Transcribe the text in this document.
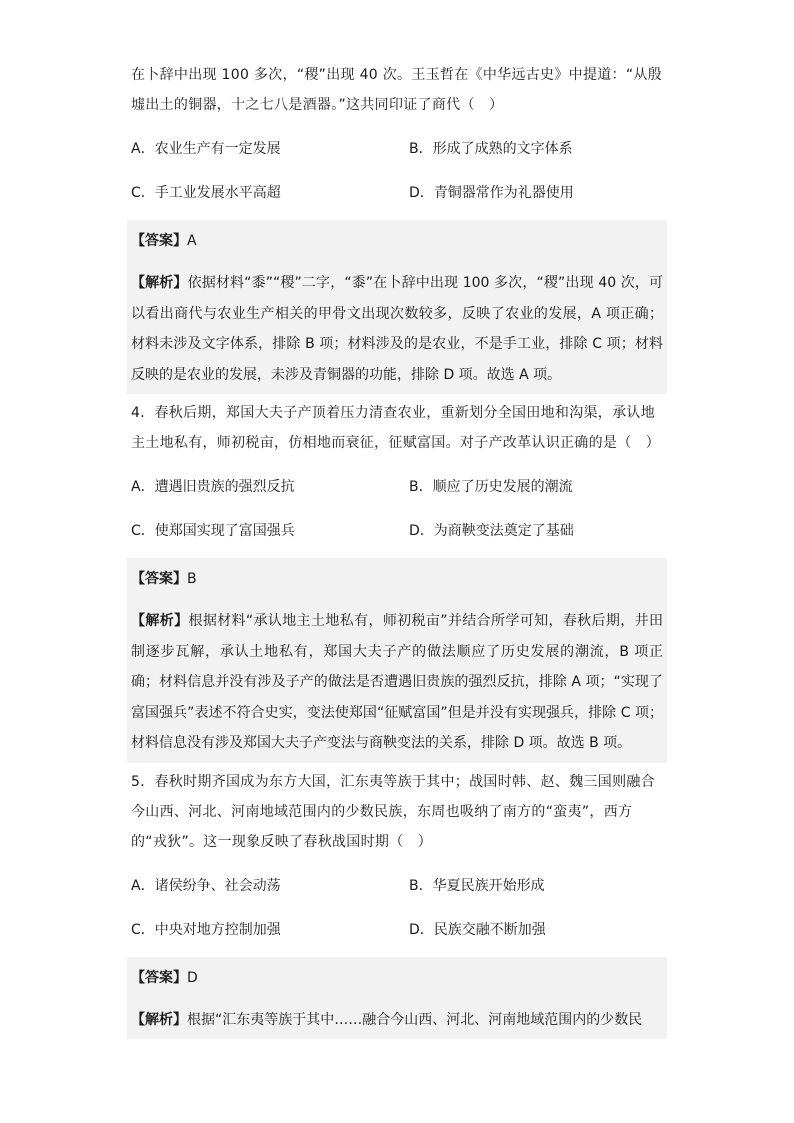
在卜辞中出现 100 多次，“稷”出现 40 次。王玉哲在《中华远古史》中提道：“从殷墟出土的铜器，十之七八是酒器。”这共同印证了商代（　）

A．农业生产有一定发展	B．形成了成熟的文字体系
C．手工业发展水平高超	D．青铜器常作为礼器使用
【答案】A
【解析】依据材料“黍”“稷”二字，“黍”在卜辞中出现 100 多次，“稷”出现 40 次，可以看出商代与农业生产相关的甲骨文出现次数较多，反映了农业的发展，A 项正确；材料未涉及文字体系，排除 B 项；材料涉及的是农业，不是手工业，排除 C 项；材料反映的是农业的发展，未涉及青铜器的功能，排除 D 项。故选 A 项。

4．春秋后期，郑国大夫子产顶着压力清查农业，重新划分全国田地和沟渠，承认地主土地私有，师初税亩，仿相地而衰征，征赋富国。对子产改革认识正确的是（　）

A．遭遇旧贵族的强烈反抗	B．顺应了历史发展的潮流
C．使郑国实现了富国强兵	D．为商鞅变法奠定了基础
【答案】B
【解析】根据材料“承认地主土地私有，师初税亩”并结合所学可知，春秋后期，井田制逐步瓦解，承认土地私有，郑国大夫子产的做法顺应了历史发展的潮流，B 项正确；材料信息并没有涉及子产的做法是否遭遇旧贵族的强烈反抗，排除 A 项；“实现了富国强兵”表述不符合史实，变法使郑国“征赋富国”但是并没有实现强兵，排除 C 项；材料信息没有涉及郑国大夫子产变法与商鞅变法的关系，排除 D 项。故选 B 项。

5．春秋时期齐国成为东方大国，汇东夷等族于其中；战国时韩、赵、魏三国则融合今山西、河北、河南地域范围内的少数民族，东周也吸纳了南方的“蛮夷”，西方的“戎狄”。这一现象反映了春秋战国时期（　）

A．诸侯纷争、社会动荡	B．华夏民族开始形成
C．中央对地方控制加强	D．民族交融不断加强
【答案】D
【解析】根据“汇东夷等族于其中……融合今山西、河北、河南地域范围内的少数民
